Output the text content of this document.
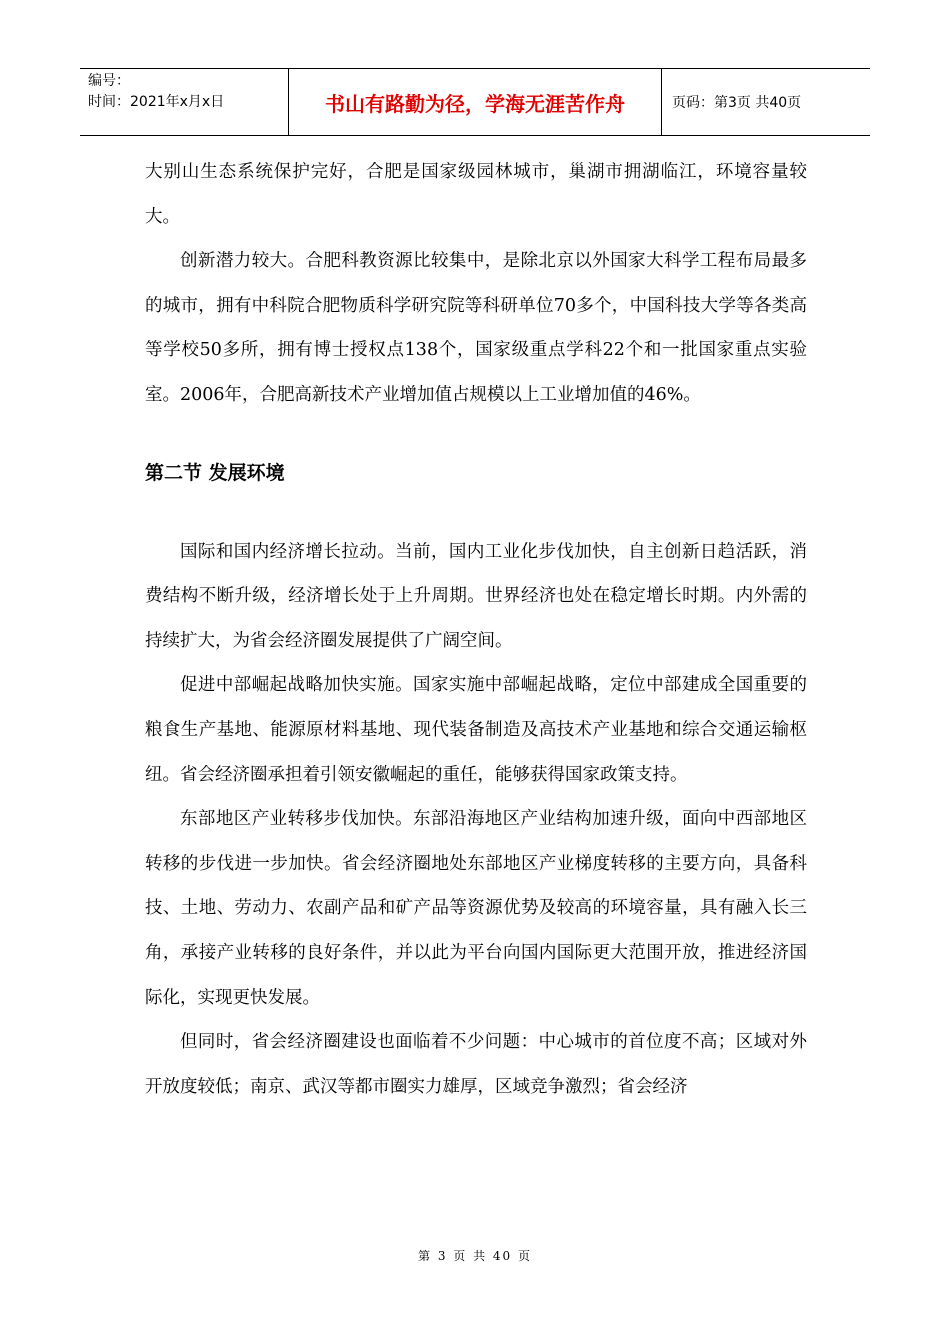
编号：
时间：2021年x月x日	书山有路勤为径，学海无涯苦作舟	页码：第3页 共40页

大别山生态系统保护完好，合肥是国家级园林城市，巢湖市拥湖临江，环境容量较大。

创新潜力较大。合肥科教资源比较集中，是除北京以外国家大科学工程布局最多的城市，拥有中科院合肥物质科学研究院等科研单位70多个，中国科技大学等各类高等学校50多所，拥有博士授权点138个，国家级重点学科22个和一批国家重点实验室。2006年，合肥高新技术产业增加值占规模以上工业增加值的46%。

第二节 发展环境

国际和国内经济增长拉动。当前，国内工业化步伐加快，自主创新日趋活跃，消费结构不断升级，经济增长处于上升周期。世界经济也处在稳定增长时期。内外需的持续扩大，为省会经济圈发展提供了广阔空间。

促进中部崛起战略加快实施。国家实施中部崛起战略，定位中部建成全国重要的粮食生产基地、能源原材料基地、现代装备制造及高技术产业基地和综合交通运输枢纽。省会经济圈承担着引领安徽崛起的重任，能够获得国家政策支持。

东部地区产业转移步伐加快。东部沿海地区产业结构加速升级，面向中西部地区转移的步伐进一步加快。省会经济圈地处东部地区产业梯度转移的主要方向，具备科技、土地、劳动力、农副产品和矿产品等资源优势及较高的环境容量，具有融入长三角，承接产业转移的良好条件，并以此为平台向国内国际更大范围开放，推进经济国际化，实现更快发展。

但同时，省会经济圈建设也面临着不少问题：中心城市的首位度不高；区域对外开放度较低；南京、武汉等都市圈实力雄厚，区域竞争激烈；省会经济

第 3 页 共 40 页
